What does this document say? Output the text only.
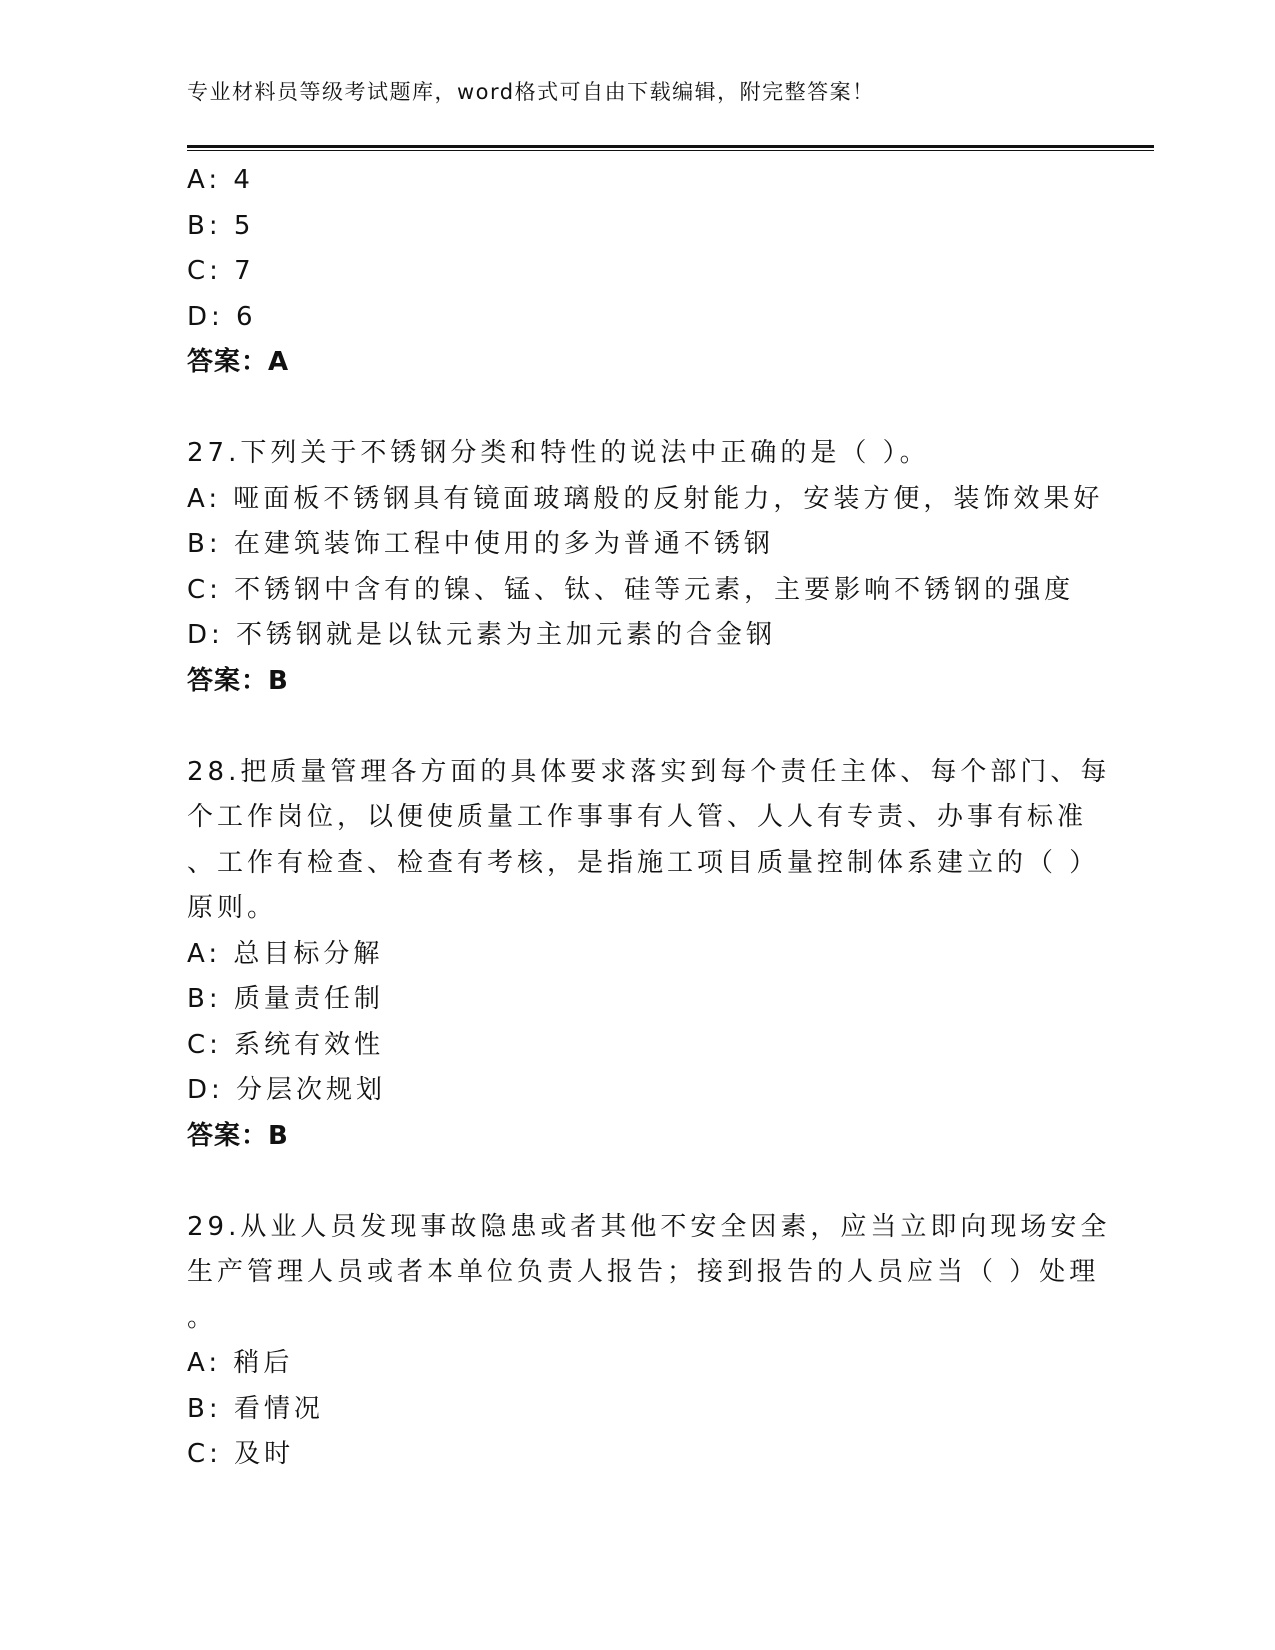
专业材料员等级考试题库，word格式可自由下载编辑，附完整答案！
A: 4
B: 5
C: 7
D: 6
答案：A
27.下列关于不锈钢分类和特性的说法中正确的是（ ）。
A: 哑面板不锈钢具有镜面玻璃般的反射能力，安装方便，装饰效果好
B: 在建筑装饰工程中使用的多为普通不锈钢
C: 不锈钢中含有的镍、锰、钛、硅等元素，主要影响不锈钢的强度
D: 不锈钢就是以钛元素为主加元素的合金钢
答案：B
28.把质量管理各方面的具体要求落实到每个责任主体、每个部门、每
个工作岗位，以便使质量工作事事有人管、人人有专责、办事有标准
、工作有检查、检查有考核，是指施工项目质量控制体系建立的（ ）
原则。
A: 总目标分解
B: 质量责任制
C: 系统有效性
D: 分层次规划
答案：B
29.从业人员发现事故隐患或者其他不安全因素，应当立即向现场安全
生产管理人员或者本单位负责人报告；接到报告的人员应当（ ）处理
。
A: 稍后
B: 看情况
C: 及时
